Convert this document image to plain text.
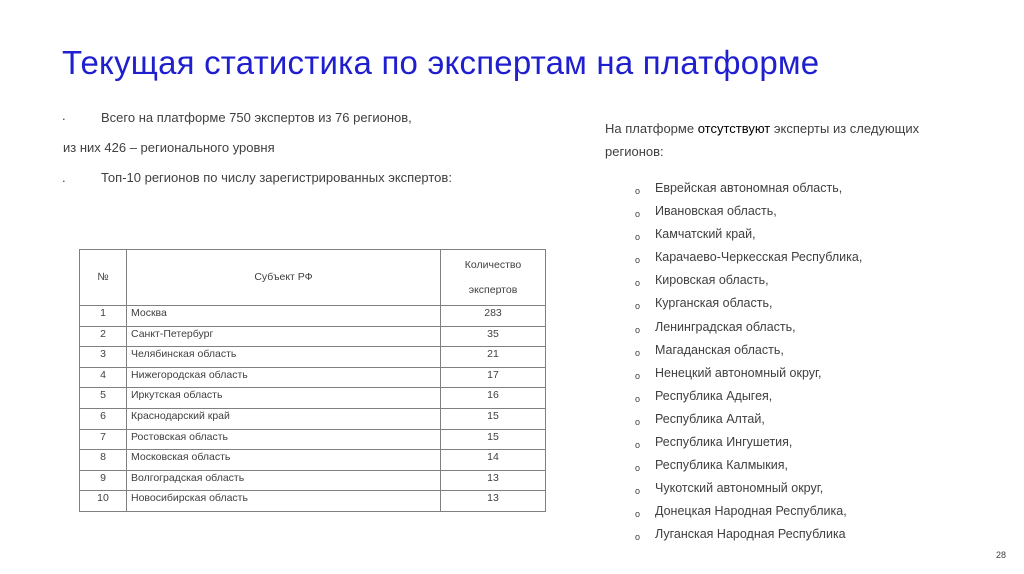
Текущая статистика по экспертам на платформе
.	Всего на платформе 750 экспертов из 76 регионов,
из них 426 – регионального уровня
.	Топ-10 регионов по числу зарегистрированных экспертов:
№	Субъект РФ	Количество
экспертов
1	Москва	283
2	Санкт-Петербург	35
3	Челябинская область	21
4	Нижегородская область	17
5	Иркутская область	16
6	Краснодарский край	15
7	Ростовская область	15
8	Московская область	14
9	Волгоградская область	13
10	Новосибирская область	13
На платформе отсутствуют эксперты из следующих регионов:
o Еврейская автономная область,
o Ивановская область,
o Камчатский край,
o Карачаево-Черкесская Республика,
o Кировская область,
o Курганская область,
o Ленинградская область,
o Магаданская область,
o Ненецкий автономный округ,
o Республика Адыгея,
o Республика Алтай,
o Республика Ингушетия,
o Республика Калмыкия,
o Чукотский автономный округ,
o Донецкая Народная Республика,
o Луганская Народная Республика
28
